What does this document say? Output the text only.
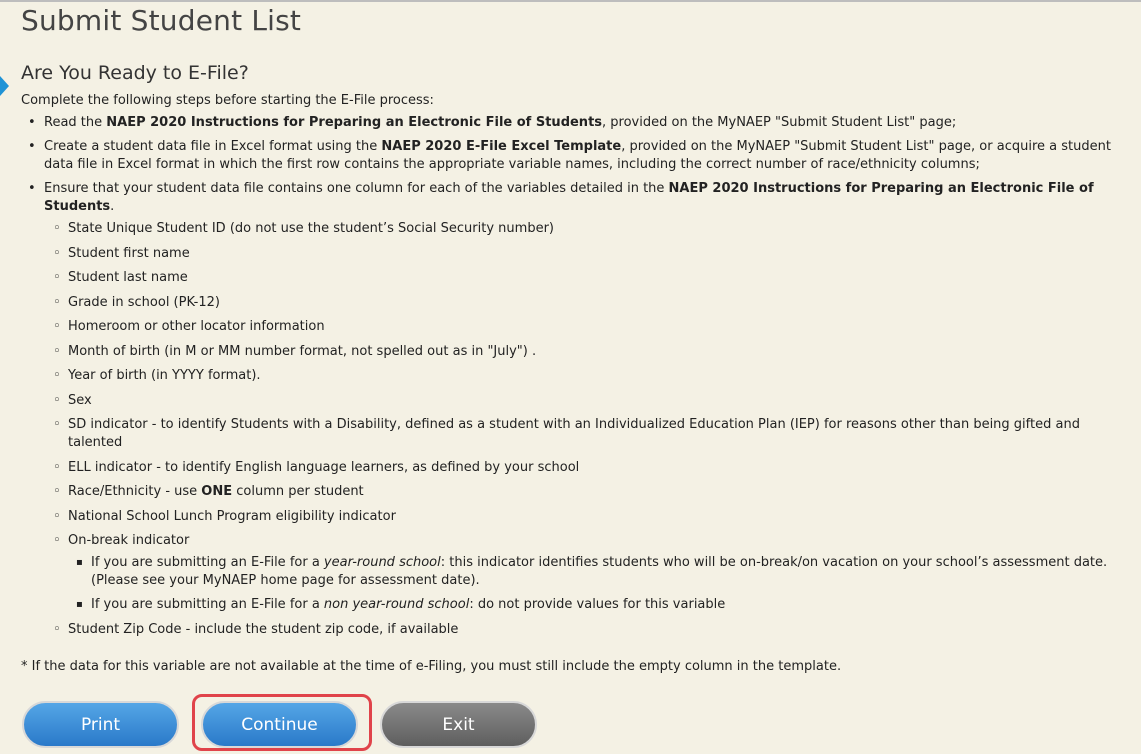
Submit Student List
Are You Ready to E-File?

Complete the following steps before starting the E-File process:

• Read the NAEP 2020 Instructions for Preparing an Electronic File of Students, provided on the MyNAEP "Submit Student List" page;
• Create a student data file in Excel format using the NAEP 2020 E-File Excel Template, provided on the MyNAEP "Submit Student List" page, or acquire a student data file in Excel format in which the first row contains the appropriate variable names, including the correct number of race/ethnicity columns;
• Ensure that your student data file contains one column for each of the variables detailed in the NAEP 2020 Instructions for Preparing an Electronic File of Students.
◦ State Unique Student ID (do not use the student’s Social Security number)
◦ Student first name
◦ Student last name
◦ Grade in school (PK-12)
◦ Homeroom or other locator information
◦ Month of birth (in M or MM number format, not spelled out as in "July") .
◦ Year of birth (in YYYY format).
◦ Sex
◦ SD indicator - to identify Students with a Disability, defined as a student with an Individualized Education Plan (IEP) for reasons other than being gifted and talented
◦ ELL indicator - to identify English language learners, as defined by your school
◦ Race/Ethnicity - use ONE column per student
◦ National School Lunch Program eligibility indicator
◦ On-break indicator
▪ If you are submitting an E-File for a year-round school: this indicator identifies students who will be on-break/on vacation on your school’s assessment date. (Please see your MyNAEP home page for assessment date).
▪ If you are submitting an E-File for a non year-round school: do not provide values for this variable
◦ Student Zip Code - include the student zip code, if available

* If the data for this variable are not available at the time of e-Filing, you must still include the empty column in the template.

Print	Continue	Exit
